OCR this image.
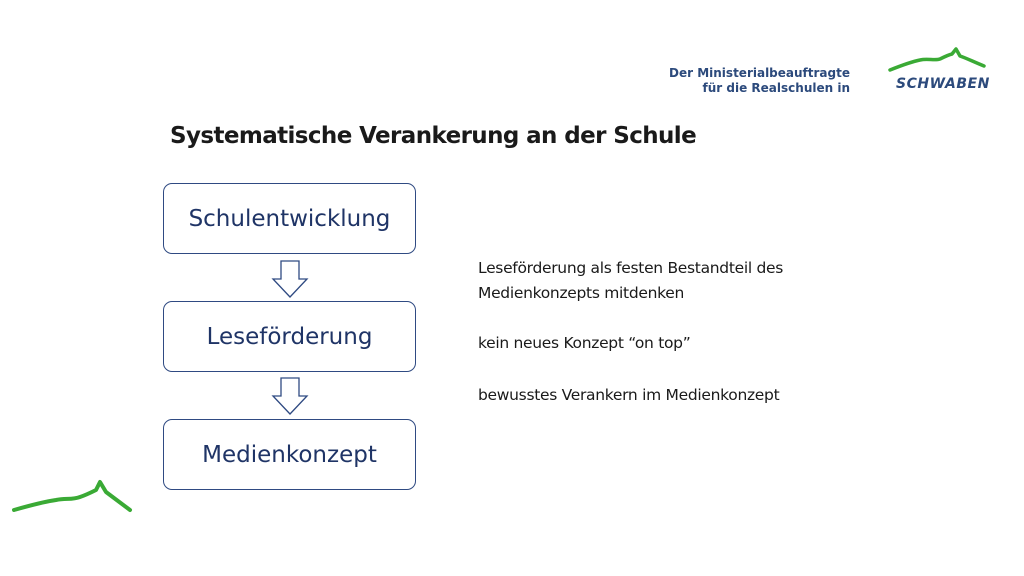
Der Ministerialbeauftragte
für die Realschulen in	SCHWABEN
Systematische Verankerung an der Schule
Schulentwicklung
Leseförderung
Medienkonzept
Leseförderung als festen Bestandteil des
Medienkonzepts mitdenken
kein neues Konzept “on top”
bewusstes Verankern im Medienkonzept
